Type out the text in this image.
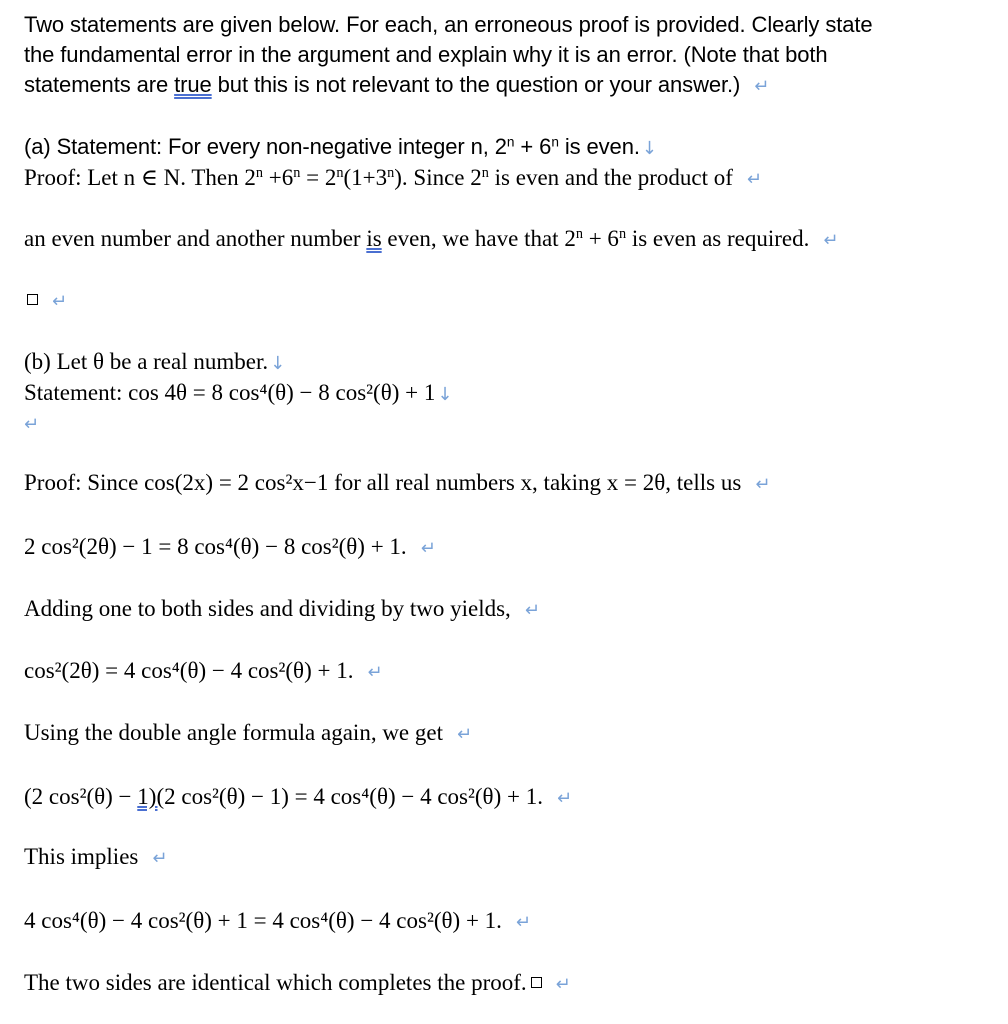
Two statements are given below. For each, an erroneous proof is provided. Clearly state
the fundamental error in the argument and explain why it is an error. (Note that both
statements are true but this is not relevant to the question or your answer.) ↵
(a) Statement: For every non-negative integer n, $2^n + 6^n$ is even. ↓
Proof: Let n ∈ N. Then $2^n +6^n = 2^n(1+3^n)$. Since 2$^n$ is even and the product of ↵
an even number and another number is even, we have that $2^n + 6^n$ is even as required. ↵
↵
(b) Let θ be a real number. ↓
Statement: cos 4θ = 8 cos⁴(θ) − 8 cos²(θ) + 1 ↓
↵
Proof: Since cos(2x) = 2 cos²x−1 for all real numbers x, taking x = 2θ, tells us ↵
2 cos²(2θ) − 1 = 8 cos⁴(θ) − 8 cos²(θ) + 1. ↵
Adding one to both sides and dividing by two yields, ↵
cos²(2θ) = 4 cos⁴(θ) − 4 cos²(θ) + 1. ↵
Using the double angle formula again, we get ↵
(2 cos²(θ) − 1)(2 cos²(θ) − 1) = 4 cos⁴(θ) − 4 cos²(θ) + 1. ↵
This implies ↵
4 cos⁴(θ) − 4 cos²(θ) + 1 = 4 cos⁴(θ) − 4 cos²(θ) + 1. ↵
The two sides are identical which completes the proof. ↵
